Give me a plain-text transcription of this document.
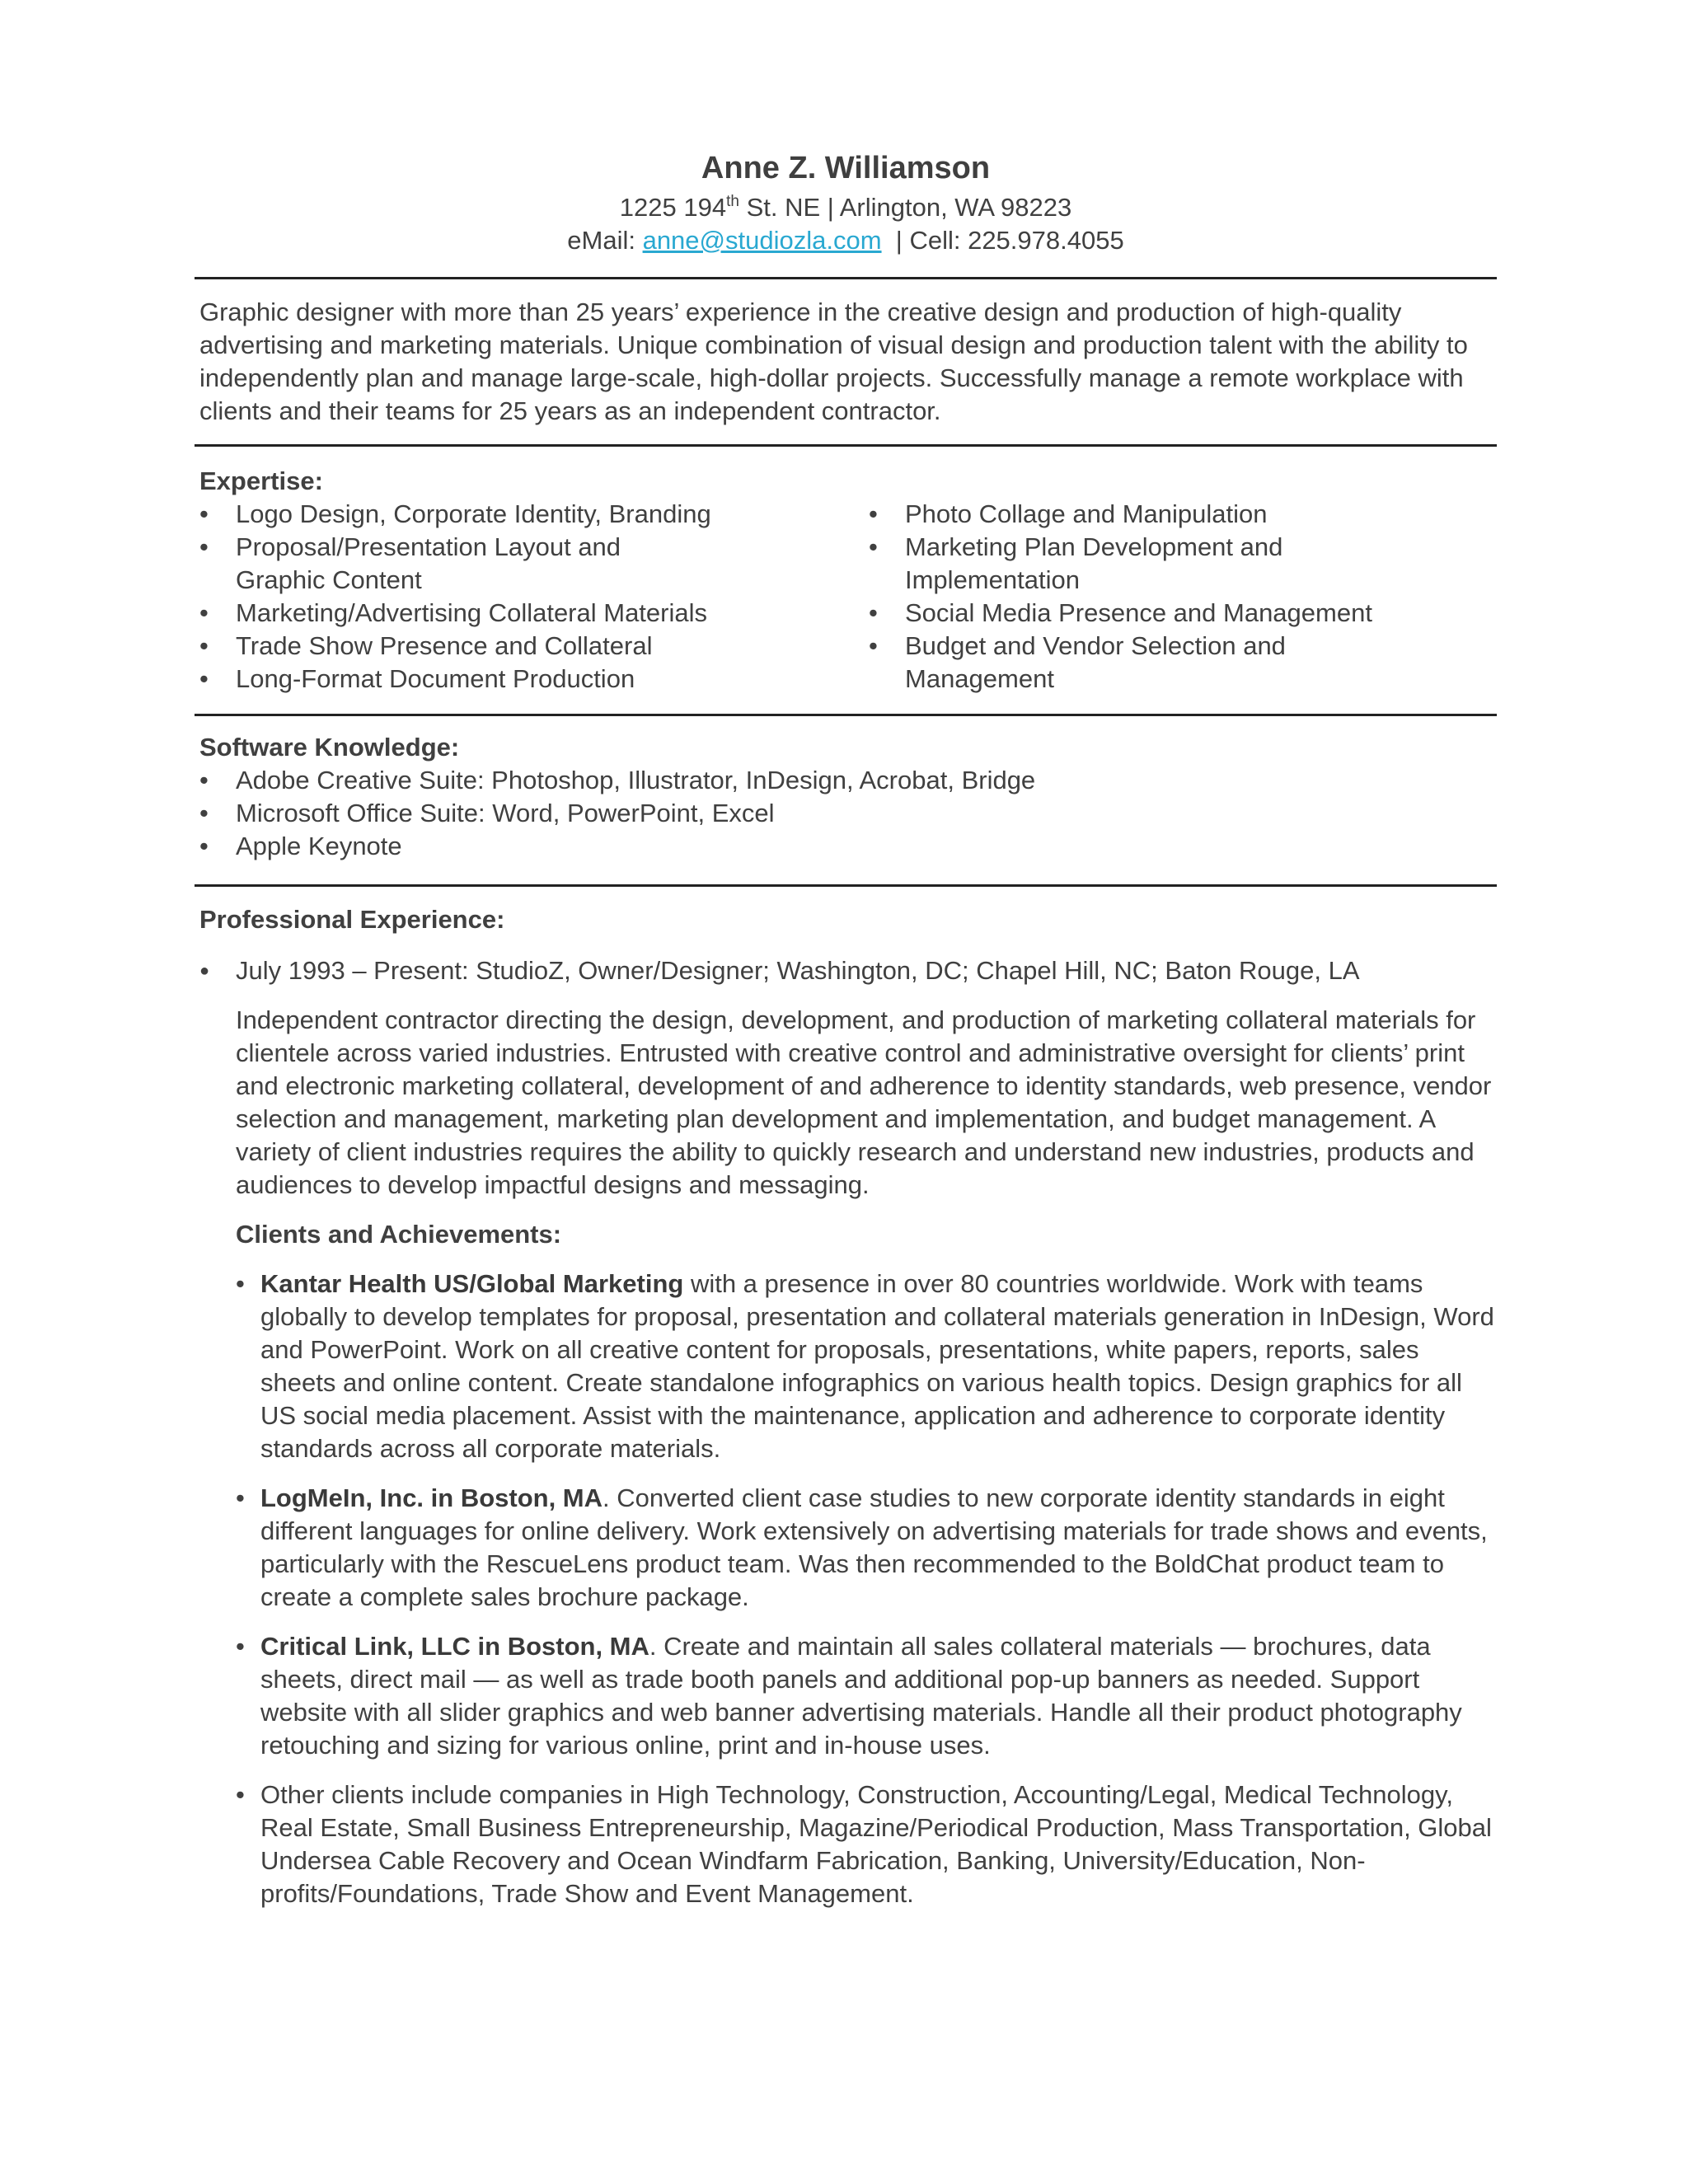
Anne Z. Williamson
1225 194th St. NE | Arlington, WA 98223
eMail: anne@studiozla.com | Cell: 225.978.4055
Graphic designer with more than 25 years’ experience in the creative design and production of high-quality advertising and marketing materials. Unique combination of visual design and production talent with the ability to independently plan and manage large-scale, high-dollar projects. Successfully manage a remote workplace with clients and their teams for 25 years as an independent contractor.
Expertise:
•	Logo Design, Corporate Identity, Branding
•	Proposal/Presentation Layout and Graphic Content
•	Marketing/Advertising Collateral Materials
•	Trade Show Presence and Collateral
•	Long-Format Document Production
•	Photo Collage and Manipulation
•	Marketing Plan Development and Implementation
•	Social Media Presence and Management
•	Budget and Vendor Selection and Management
Software Knowledge:
•	Adobe Creative Suite: Photoshop, Illustrator, InDesign, Acrobat, Bridge
•	Microsoft Office Suite: Word, PowerPoint, Excel
•	Apple Keynote
Professional Experience:
● July 1993 – Present: StudioZ, Owner/Designer; Washington, DC; Chapel Hill, NC; Baton Rouge, LA
Independent contractor directing the design, development, and production of marketing collateral materials for clientele across varied industries. Entrusted with creative control and administrative oversight for clients’ print and electronic marketing collateral, development of and adherence to identity standards, web presence, vendor selection and management, marketing plan development and implementation, and budget management. A variety of client industries requires the ability to quickly research and understand new industries, products and audiences to develop impactful designs and messaging.
Clients and Achievements:
• Kantar Health US/Global Marketing with a presence in over 80 countries worldwide. Work with teams globally to develop templates for proposal, presentation and collateral materials generation in InDesign, Word and PowerPoint. Work on all creative content for proposals, presentations, white papers, reports, sales sheets and online content. Create standalone infographics on various health topics. Design graphics for all US social media placement. Assist with the maintenance, application and adherence to corporate identity standards across all corporate materials.
• LogMeIn, Inc. in Boston, MA. Converted client case studies to new corporate identity standards in eight different languages for online delivery. Work extensively on advertising materials for trade shows and events, particularly with the RescueLens product team. Was then recommended to the BoldChat product team to create a complete sales brochure package.
• Critical Link, LLC in Boston, MA. Create and maintain all sales collateral materials — brochures, data sheets, direct mail — as well as trade booth panels and additional pop-up banners as needed. Support website with all slider graphics and web banner advertising materials. Handle all their product photography retouching and sizing for various online, print and in-house uses.
• Other clients include companies in High Technology, Construction, Accounting/Legal, Medical Technology, Real Estate, Small Business Entrepreneurship, Magazine/Periodical Production, Mass Transportation, Global Undersea Cable Recovery and Ocean Windfarm Fabrication, Banking, University/Education, Non-profits/Foundations, Trade Show and Event Management.
